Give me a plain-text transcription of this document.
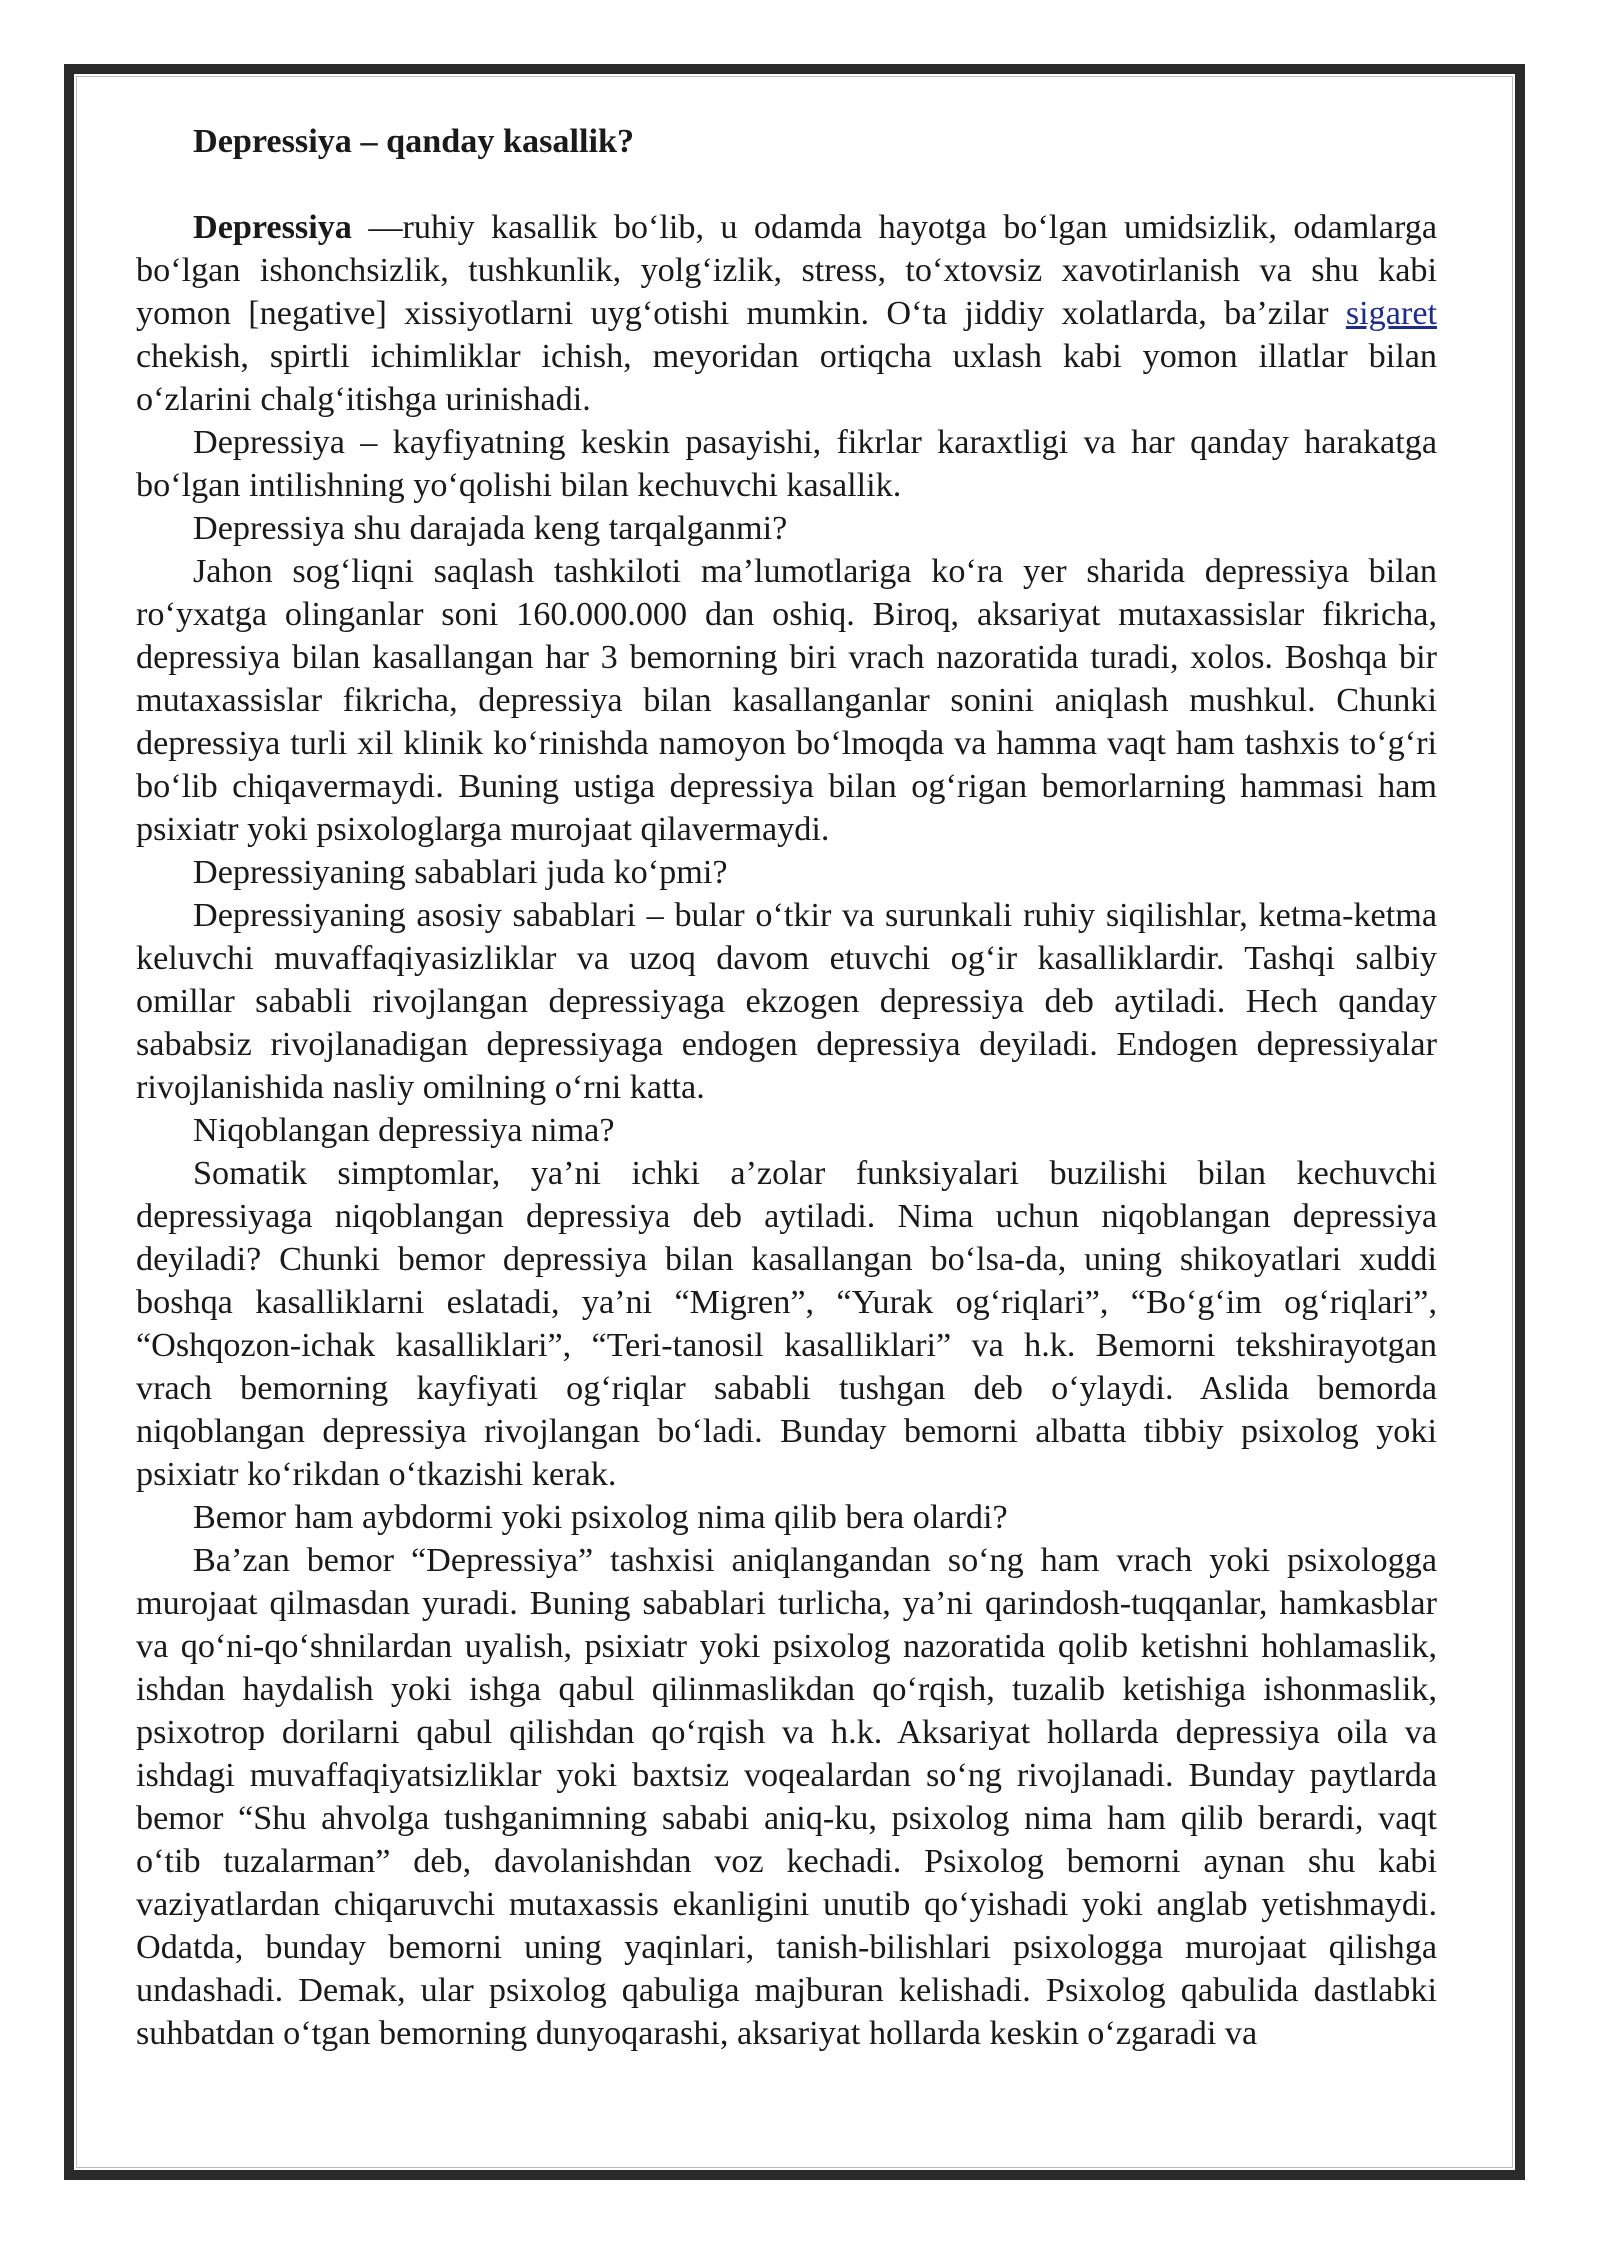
Depressiya – qanday kasallik?

Depressiya —ruhiy kasallik bo‘lib, u odamda hayotga bo‘lgan umidsizlik, odamlarga bo‘lgan ishonchsizlik, tushkunlik, yolg‘izlik, stress, to‘xtovsiz xavotirlanish va shu kabi yomon [negative] xissiyotlarni uyg‘otishi mumkin. O‘ta jiddiy xolatlarda, ba’zilar sigaret chekish, spirtli ichimliklar ichish, meyoridan ortiqcha uxlash kabi yomon illatlar bilan o‘zlarini chalg‘itishga urinishadi.

Depressiya – kayfiyatning keskin pasayishi, fikrlar karaxtligi va har qanday harakatga bo‘lgan intilishning yo‘qolishi bilan kechuvchi kasallik.

Depressiya shu darajada keng tarqalganmi?

Jahon sog‘liqni saqlash tashkiloti ma’lumotlariga ko‘ra yer sharida depressiya bilan ro‘yxatga olinganlar soni 160.000.000 dan oshiq. Biroq, aksariyat mutaxassislar fikricha, depressiya bilan kasallangan har 3 bemorning biri vrach nazoratida turadi, xolos. Boshqa bir mutaxassislar fikricha, depressiya bilan kasallanganlar sonini aniqlash mushkul. Chunki depressiya turli xil klinik ko‘rinishda namoyon bo‘lmoqda va hamma vaqt ham tashxis to‘g‘ri bo‘lib chiqavermaydi. Buning ustiga depressiya bilan og‘rigan bemorlarning hammasi ham psixiatr yoki psixologlarga murojaat qilavermaydi.

Depressiyaning sabablari juda ko‘pmi?

Depressiyaning asosiy sabablari – bular o‘tkir va surunkali ruhiy siqilishlar, ketma-ketma keluvchi muvaffaqiyasizliklar va uzoq davom etuvchi og‘ir kasalliklardir. Tashqi salbiy omillar sababli rivojlangan depressiyaga ekzogen depressiya deb aytiladi. Hech qanday sababsiz rivojlanadigan depressiyaga endogen depressiya deyiladi. Endogen depressiyalar rivojlanishida nasliy omilning o‘rni katta.

Niqoblangan depressiya nima?

Somatik simptomlar, ya’ni ichki a’zolar funksiyalari buzilishi bilan kechuvchi depressiyaga niqoblangan depressiya deb aytiladi. Nima uchun niqoblangan depressiya deyiladi? Chunki bemor depressiya bilan kasallangan bo‘lsa-da, uning shikoyatlari xuddi boshqa kasalliklarni eslatadi, ya’ni “Migren”, “Yurak og‘riqlari”, “Bo‘g‘im og‘riqlari”, “Oshqozon-ichak kasalliklari”, “Teri-tanosil kasalliklari” va h.k. Bemorni tekshirayotgan vrach bemorning kayfiyati og‘riqlar sababli tushgan deb o‘ylaydi. Aslida bemorda niqoblangan depressiya rivojlangan bo‘ladi. Bunday bemorni albatta tibbiy psixolog yoki psixiatr ko‘rikdan o‘tkazishi kerak.

Bemor ham aybdormi yoki psixolog nima qilib bera olardi?

Ba’zan bemor “Depressiya” tashxisi aniqlangandan so‘ng ham vrach yoki psixologga murojaat qilmasdan yuradi. Buning sabablari turlicha, ya’ni qarindosh-tuqqanlar, hamkasblar va qo‘ni-qo‘shnilardan uyalish, psixiatr yoki psixolog nazoratida qolib ketishni hohlamaslik, ishdan haydalish yoki ishga qabul qilinmaslikdan qo‘rqish, tuzalib ketishiga ishonmaslik, psixotrop dorilarni qabul qilishdan qo‘rqish va h.k. Aksariyat hollarda depressiya oila va ishdagi muvaffaqiyatsizliklar yoki baxtsiz voqealardan so‘ng rivojlanadi. Bunday paytlarda bemor “Shu ahvolga tushganimning sababi aniq-ku, psixolog nima ham qilib berardi, vaqt o‘tib tuzalarman” deb, davolanishdan voz kechadi. Psixolog bemorni aynan shu kabi vaziyatlardan chiqaruvchi mutaxassis ekanligini unutib qo‘yishadi yoki anglab yetishmaydi. Odatda, bunday bemorni uning yaqinlari, tanish-bilishlari psixologga murojaat qilishga undashadi. Demak, ular psixolog qabuliga majburan kelishadi. Psixolog qabulida dastlabki suhbatdan o‘tgan bemorning dunyoqarashi, aksariyat hollarda keskin o‘zgaradi va
